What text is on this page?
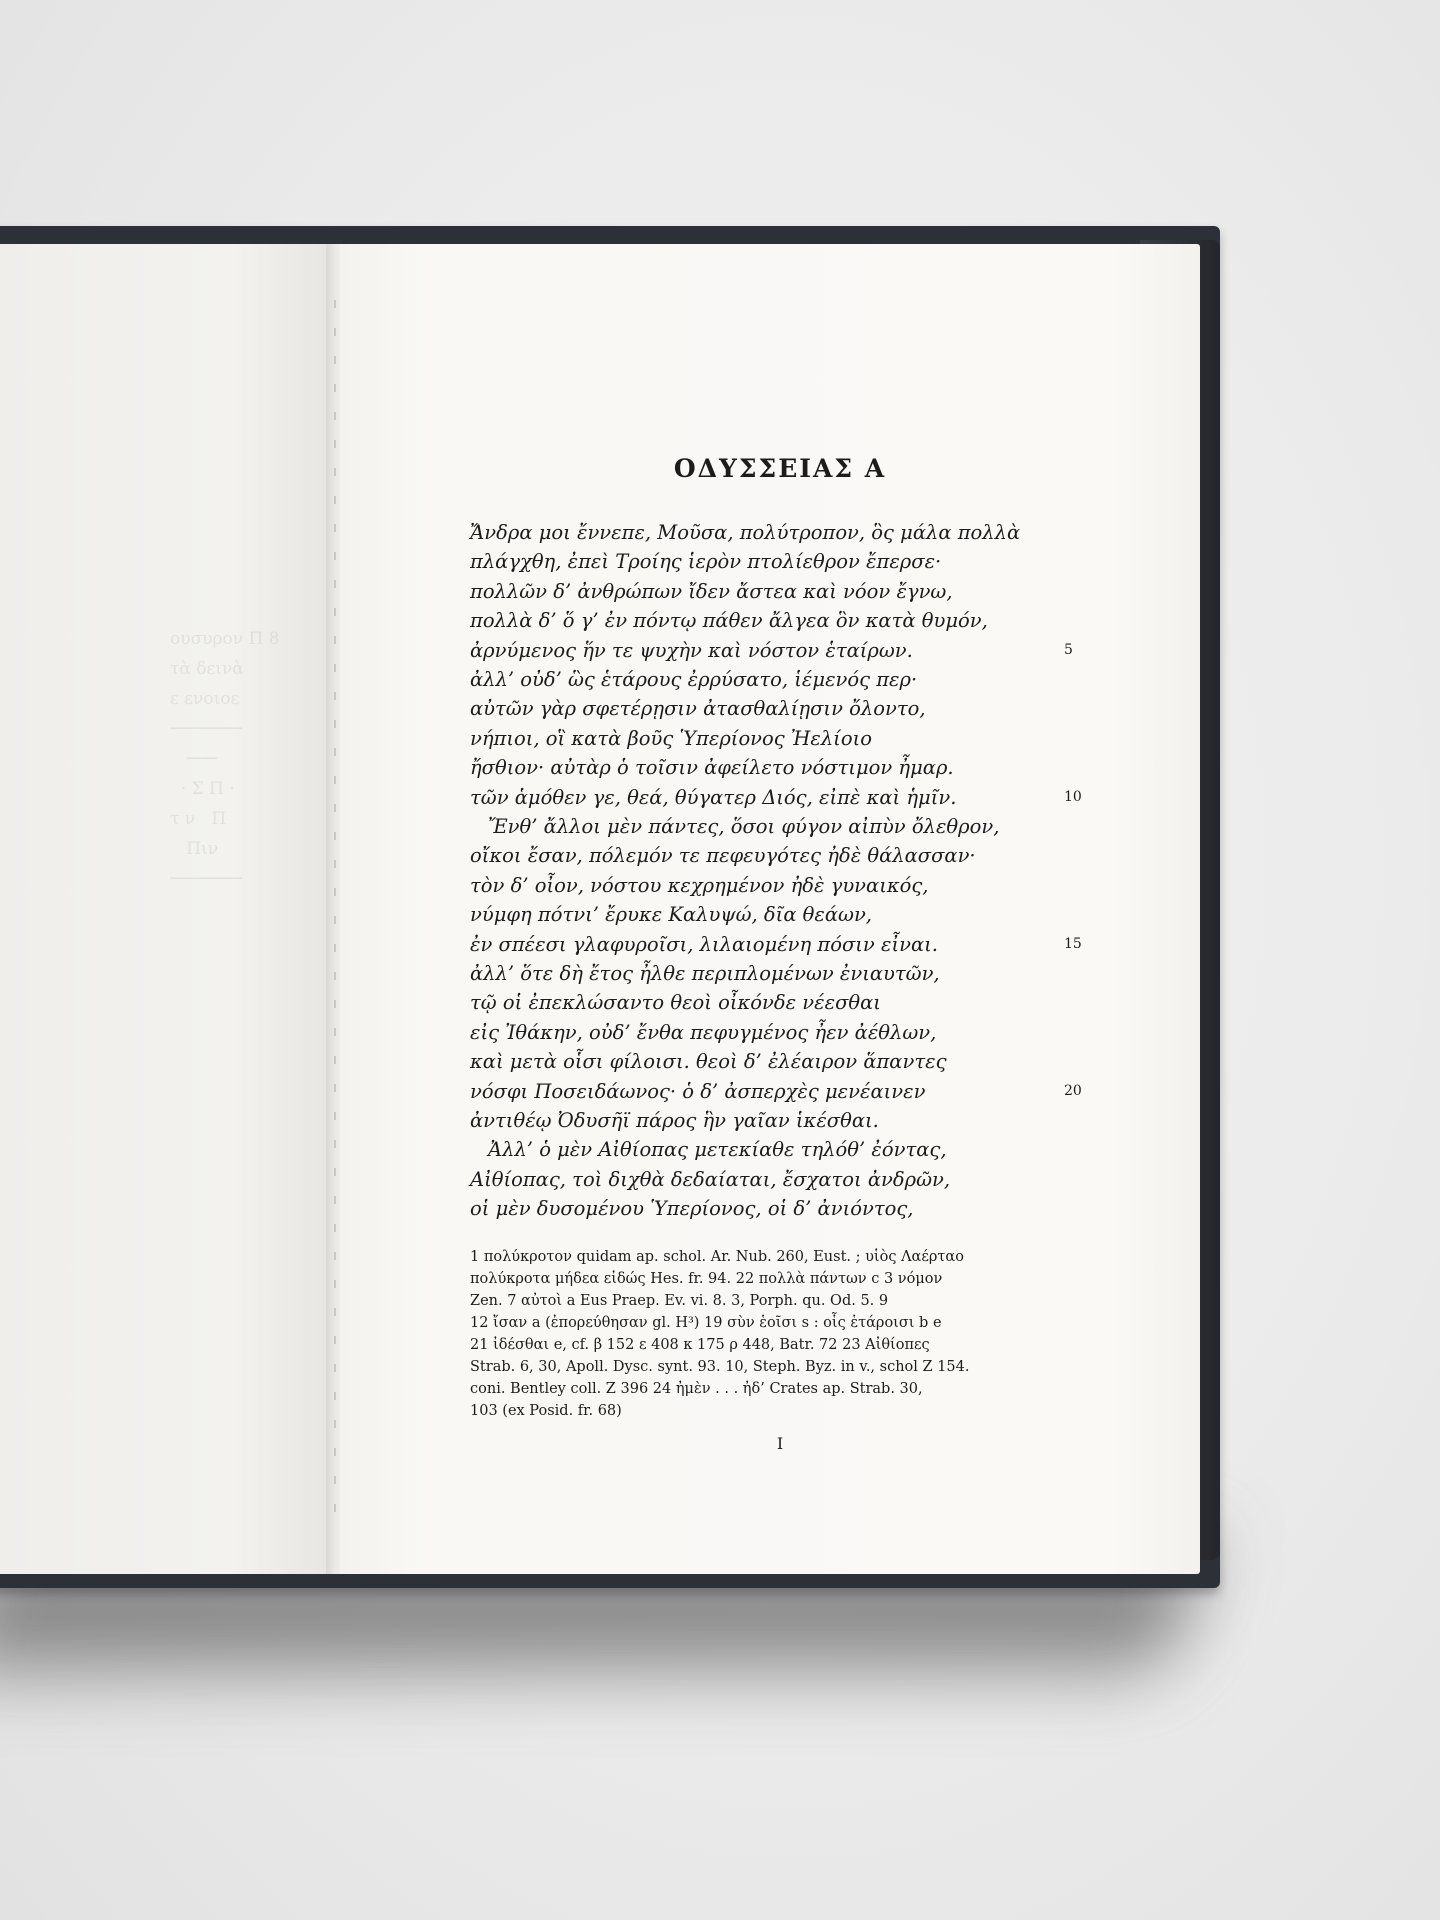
ουσυρον Π 8
τὰ δεινὰ
ε ενοιοε
───────
───
· Σ Π ·
τ ν   Π
Πιν
───────
ΟΔΥΣΣΕΙΑΣ Α
Ἄνδρα μοι ἔννεπε, Μοῦσα, πολύτροπον, ὃς μάλα πολλὰ
πλάγχθη, ἐπεὶ Τροίης ἱερὸν πτολίεθρον ἔπερσε·
πολλῶν δ’ ἀνθρώπων ἴδεν ἄστεα καὶ νόον ἔγνω,
πολλὰ δ’ ὅ γ’ ἐν πόντῳ πάθεν ἄλγεα ὃν κατὰ θυμόν,
ἀρνύμενος ἥν τε ψυχὴν καὶ νόστον ἑταίρων.	5
ἀλλ’ οὐδ’ ὣς ἑτάρους ἐρρύσατο, ἱέμενός περ·
αὐτῶν γὰρ σφετέρῃσιν ἀτασθαλίῃσιν ὄλοντο,
νήπιοι, οἳ κατὰ βοῦς Ὑπερίονος Ἠελίοιο
ἤσθιον· αὐτὰρ ὁ τοῖσιν ἀφείλετο νόστιμον ἦμαρ.
τῶν ἁμόθεν γε, θεά, θύγατερ Διός, εἰπὲ καὶ ἡμῖν.	10
Ἔνθ’ ἄλλοι μὲν πάντες, ὅσοι φύγον αἰπὺν ὄλεθρον,
οἴκοι ἔσαν, πόλεμόν τε πεφευγότες ἠδὲ θάλασσαν·
τὸν δ’ οἶον, νόστου κεχρημένον ἠδὲ γυναικός,
νύμφη πότνι’ ἔρυκε Καλυψώ, δῖα θεάων,
ἐν σπέεσι γλαφυροῖσι, λιλαιομένη πόσιν εἶναι.	15
ἀλλ’ ὅτε δὴ ἔτος ἦλθε περιπλομένων ἐνιαυτῶν,
τῷ οἱ ἐπεκλώσαντο θεοὶ οἶκόνδε νέεσθαι
εἰς Ἰθάκην, οὐδ’ ἔνθα πεφυγμένος ἦεν ἀέθλων,
καὶ μετὰ οἷσι φίλοισι. θεοὶ δ’ ἐλέαιρον ἅπαντες
νόσφι Ποσειδάωνος· ὁ δ’ ἀσπερχὲς μενέαινεν	20
ἀντιθέῳ Ὀδυσῆϊ πάρος ἣν γαῖαν ἱκέσθαι.
Ἀλλ’ ὁ μὲν Αἰθίοπας μετεκίαθε τηλόθ’ ἐόντας,
Αἰθίοπας, τοὶ διχθὰ δεδαίαται, ἔσχατοι ἀνδρῶν,
οἱ μὲν δυσομένου Ὑπερίονος, οἱ δ’ ἀνιόντος,
1 πολύκροτον quidam ap. schol. Ar. Nub. 260, Eust. ; υἱὸς Λαέρταο
πολύκροτα μήδεα εἰδώς Hes. fr. 94. 22 πολλὰ πάντων c 3 νόμον
Zen. 7 αὐτοὶ a Eus Praep. Ev. vi. 8. 3, Porph. qu. Od. 5. 9
12 ἴσαν a (ἐπορεύθησαν gl. H³) 19 σὺν ἑοῖσι s : οἷς ἑτάροισι b e
21 ἰδέσθαι e, cf. β 152 ε 408 κ 175 ρ 448, Batr. 72 23 Αἰθίοπες
Strab. 6, 30, Apoll. Dysc. synt. 93. 10, Steph. Byz. in v., schol Z 154.
coni. Bentley coll. Z 396 24 ἠμὲν . . . ἠδ’ Crates ap. Strab. 30,
103 (ex Posid. fr. 68)
I
